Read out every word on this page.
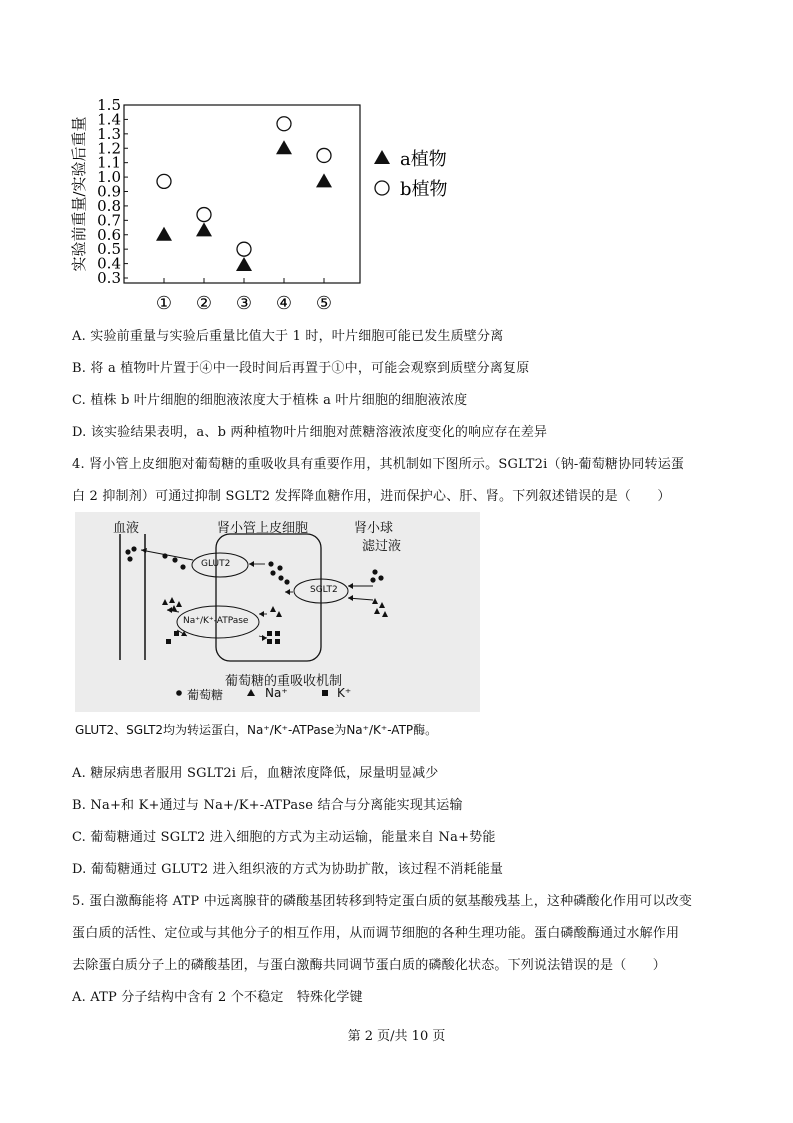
1.5
1.4
1.3
1.2
1.1
1.0
0.9
0.8
0.7
0.6
0.5
0.4
0.3
实验前重量/实验后重量
① ② ③ ④ ⑤
a植物
b植物
A. 实验前重量与实验后重量比值大于 1 时，叶片细胞可能已发生质壁分离
B. 将 a 植物叶片置于④中一段时间后再置于①中，可能会观察到质壁分离复原
C. 植株 b 叶片细胞的细胞液浓度大于植株 a 叶片细胞的细胞液浓度
D. 该实验结果表明，a、b 两种植物叶片细胞对蔗糖溶液浓度变化的响应存在差异
4. 肾小管上皮细胞对葡萄糖的重吸收具有重要作用，其机制如下图所示。SGLT2i（钠-葡萄糖协同转运蛋
白 2 抑制剂）可通过抑制 SGLT2 发挥降血糖作用，进而保护心、肝、肾。下列叙述错误的是（　　）
血液	肾小管上皮细胞	肾小球
滤过液
GLUT2
SGLT2
Na⁺/K⁺-ATPase
葡萄糖的重吸收机制
葡萄糖	Na⁺	K⁺
GLUT2、SGLT2均为转运蛋白，Na⁺/K⁺-ATPase为Na⁺/K⁺-ATP酶。
A. 糖尿病患者服用 SGLT2i 后，血糖浓度降低，尿量明显减少
B. Na+和 K+通过与 Na+/K+-ATPase 结合与分离能实现其运输
C. 葡萄糖通过 SGLT2 进入细胞的方式为主动运输，能量来自 Na+势能
D. 葡萄糖通过 GLUT2 进入组织液的方式为协助扩散，该过程不消耗能量
5. 蛋白激酶能将 ATP 中远离腺苷的磷酸基团转移到特定蛋白质的氨基酸残基上，这种磷酸化作用可以改变
蛋白质的活性、定位或与其他分子的相互作用，从而调节细胞的各种生理功能。蛋白磷酸酶通过水解作用
去除蛋白质分子上的磷酸基团，与蛋白激酶共同调节蛋白质的磷酸化状态。下列说法错误的是（　　）
A. ATP 分子结构中含有 2 个不稳定　特殊化学键
第 2 页/共 10 页
